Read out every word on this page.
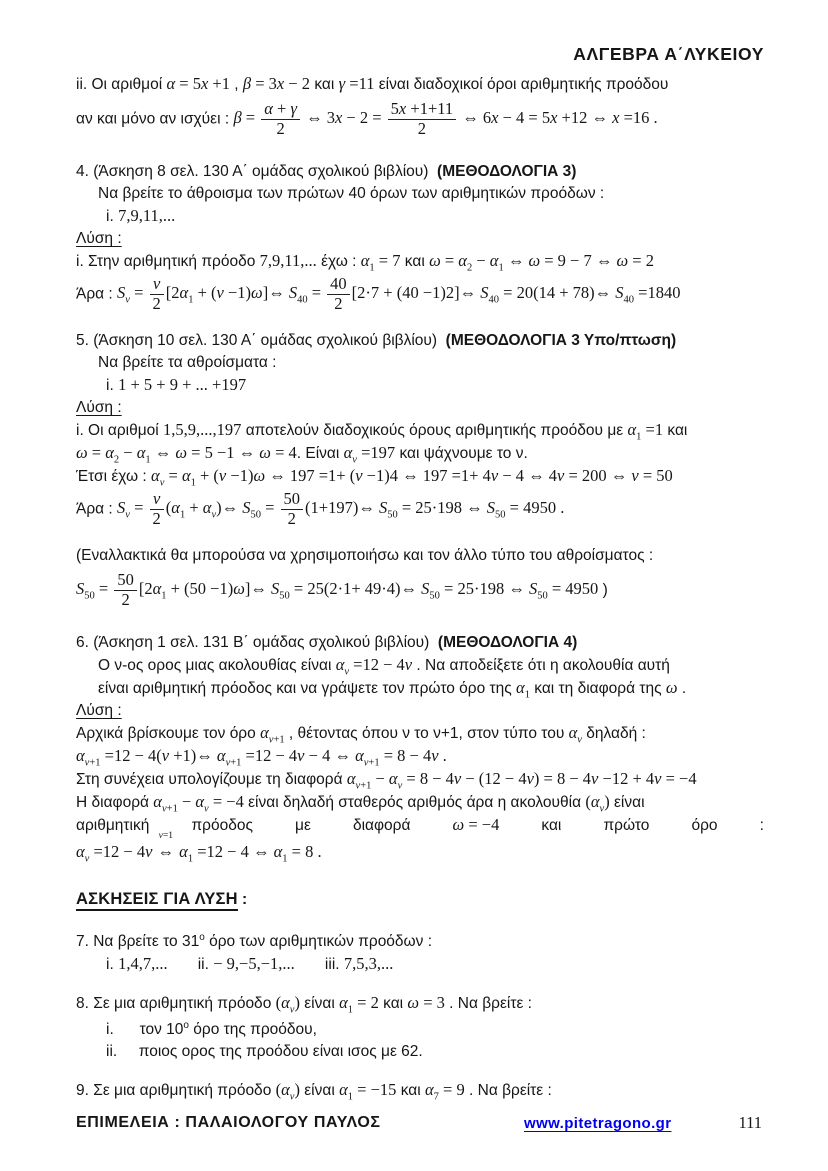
ΑΛΓΕΒΡΑ Α΄ΛΥΚΕΙΟΥ
ii. Οι αριθμοί α = 5x +1 , β = 3x − 2 και γ =11 είναι διαδοχικοί όροι αριθμητικής προόδου
αν και μόνο αν ισχύει : $\beta = \frac{\alpha + \gamma}{2}$ ⇔ $3x - 2 = \frac{5x +1+11}{2}$ ⇔ 6x − 4 = 5x +12 ⇔ x =16 .
4. (Άσκηση 8 σελ. 130 Α΄ ομάδας σχολικού βιβλίου)  (ΜΕΘΟΔΟΛΟΓΙΑ 3)
Να βρείτε το άθροισμα των πρώτων 40 όρων των αριθμητικών προόδων :
i. 7,9,11,...
Λύση :
i. Στην αριθμητική πρόοδο 7,9,11,... έχω : $\alpha_1 = 7$ και $\omega = \alpha_2 - \alpha_1$ ⇔ ω = 9 − 7 ⇔ ω = 2
Άρα : $S_\nu = \frac{\nu}{2} [2\alpha_1 + (\nu$ −1)ω]⇔ $S_{40} = \frac{40}{2} [2\cdot 7 + (40$ −1)2]⇔ $S_{40} = 20(14$ + 78)⇔ $S_{40} =1840$
5. (Άσκηση 10 σελ. 130 Α΄ ομάδας σχολικού βιβλίου)  (ΜΕΘΟΔΟΛΟΓΙΑ 3 Υπο/πτωση)
Να βρείτε τα αθροίσματα :
i. 1 + 5 + 9 + ... +197
Λύση :
i. Οι αριθμοί 1,5,9,...,197 αποτελούν διαδοχικούς όρους αριθμητικής προόδου με $\alpha_1 =1$ και
$\omega = \alpha_2 - \alpha_1$ ⇔ ω = 5 −1 ⇔ ω = 4. Είναι $\alpha_\nu =197$ και ψάχνουμε το ν.
Έτσι έχω : $\alpha_\nu = \alpha_1 + (\nu -1)\omega$ ⇔ 197 =1+ (ν −1)4 ⇔ 197 =1+ 4ν − 4 ⇔ 4ν = 200 ⇔ ν = 50
Άρα : $S_\nu = \frac{\nu}{2} (\alpha_1$ + $\alpha_\nu)\Leftrightarrow$ $S_{50} = \frac{50}{2}$ (1+197)⇔ $S_{50} = 25\cdot 198$ ⇔ $S_{50} = 4950$ .
(Εναλλακτικά θα μπορούσα να χρησιμοποιήσω και τον άλλο τύπο του αθροίσματος :
$S_{50} = \frac{50}{2} [2\alpha_1 + (50$ −1)ω]⇔ $S_{50} = 25(2\cdot 1+$ 49·4)⇔ $S_{50} = 25\cdot 198$ ⇔ $S_{50} = 4950$ )
6. (Άσκηση 1 σελ. 131 Β΄ ομάδας σχολικού βιβλίου)  (ΜΕΘΟΔΟΛΟΓΙΑ 4)
Ο ν-ος ορος μιας ακολουθίας είναι $\alpha_\nu =12 - 4\nu$ . Να αποδείξετε ότι η ακολουθία αυτή
είναι αριθμητική πρόοδος και να γράψετε τον πρώτο όρο της $\alpha_1$ και τη διαφορά της ω .
Λύση :
Αρχικά βρίσκουμε τον όρο $\alpha_{\nu+1}$ , θέτοντας όπου ν το ν+1, στον τύπο του $\alpha_\nu$ δηλαδή :
$\alpha_{\nu+1} =12 - 4(\nu$ +1)⇔ $\alpha_{\nu+1} =12 - 4\nu - 4$ ⇔ $\alpha_{\nu+1} = 8 - 4\nu$ .
Στη συνέχεια υπολογίζουμε τη διαφορά $\alpha_{\nu+1} - \alpha_\nu = 8 - 4\nu - (12 - 4\nu) = 8 - 4\nu -12 + 4\nu = -4$
Η διαφορά $\alpha_{\nu+1} - \alpha_\nu = -4$ είναι δηλαδή σταθερός αριθμός άρα η ακολουθία $(\alpha_\nu)$ είναι
αριθμητική	πρόοδος	με	διαφορά	ω = −4	και	πρώτο	όρο	:
$\alpha_\nu =12 - 4\nu$
ν=1
⇔ $\alpha_1 =12 - 4$ ⇔ $\alpha_1 = 8$ .
ΑΣΚΗΣΕΙΣ ΓΙΑ ΛΥΣΗ :
7. Να βρείτε το $31^o$ όρο των αριθμητικών προόδων :
i. 1,4,7,...       ii. − 9,−5,−1,...       iii. 7,5,3,...
8. Σε μια αριθμητική πρόοδο $(\alpha_\nu)$ είναι $\alpha_1 = 2$ και ω = 3 . Να βρείτε :
i.      τον $10^o$ όρο της προόδου,
ii.     ποιος ορος της προόδου είναι ισος με 62.
9. Σε μια αριθμητική πρόοδο $(\alpha_\nu)$ είναι $\alpha_1 = -15$ και $\alpha_7 = 9$ . Να βρείτε :
ΕΠΙΜΕΛΕΙΑ : ΠΑΛΑΙΟΛΟΓΟΥ ΠΑΥΛΟΣ	www.pitetragono.gr	111
